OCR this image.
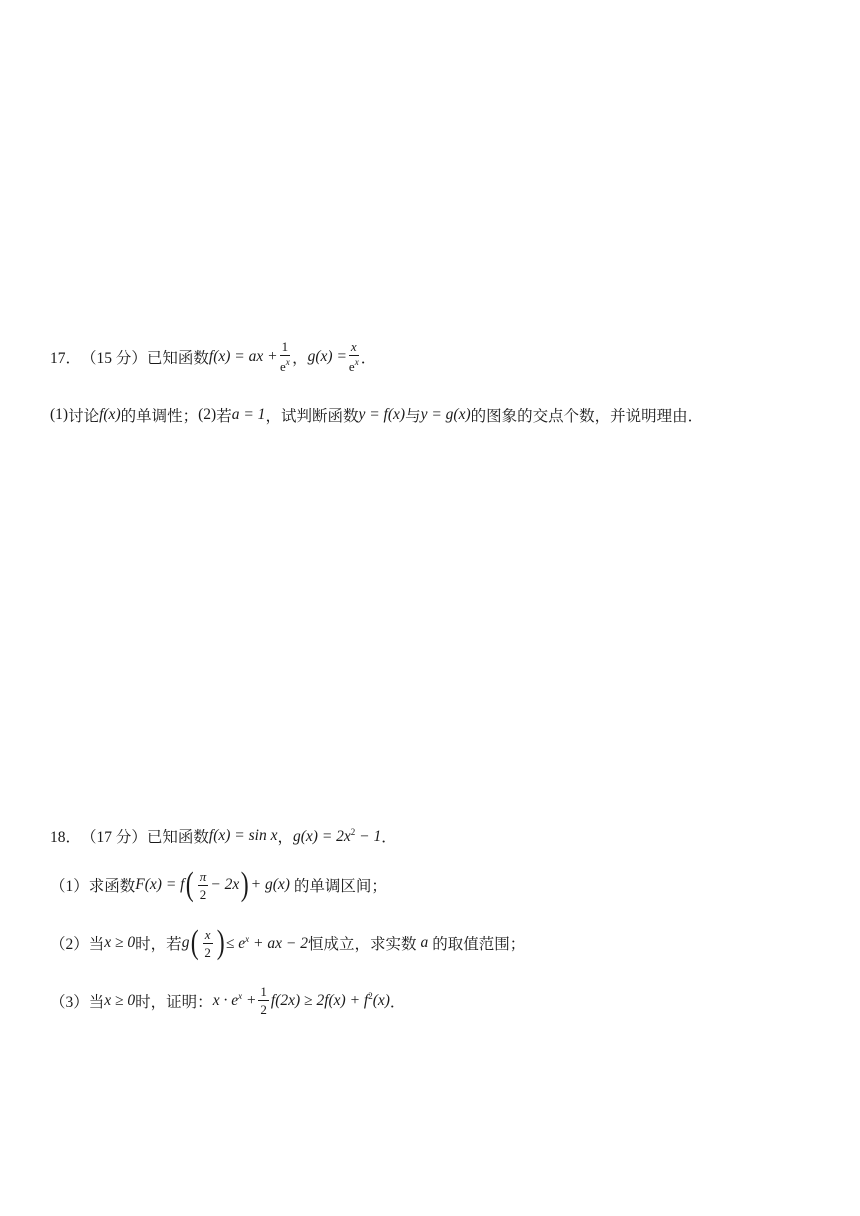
17． （15 分） 已知函数 f(x) = ax + $\frac{1}{e^x}$ ， $g(x) = \frac{x}{e^x}$ ．
(1) 讨论 f(x) 的单调性； (2) 若 a = 1 ，试判断函数 y = f(x) 与 y = g(x) 的图象的交点个数，并说明理由．
18． （17 分） 已知函数 f(x) = sin x ， $g(x) = 2x^2 - 1$ ．
（1） 求函数 F(x) = f ( $\frac{\pi}{2} - 2x$ ) + g(x) 的单调区间；
（2） 当 x ≥ 0 时，若 g ( $\frac{x}{2}$ ) ≤ $e^x$ + ax − 2 恒成立，求实数 a 的取值范围；
（3） 当 x ≥ 0 时，证明： $x \cdot e^x + \frac{1}{2} f(2x) \ge 2f(x) + f^2(x)$ ．
